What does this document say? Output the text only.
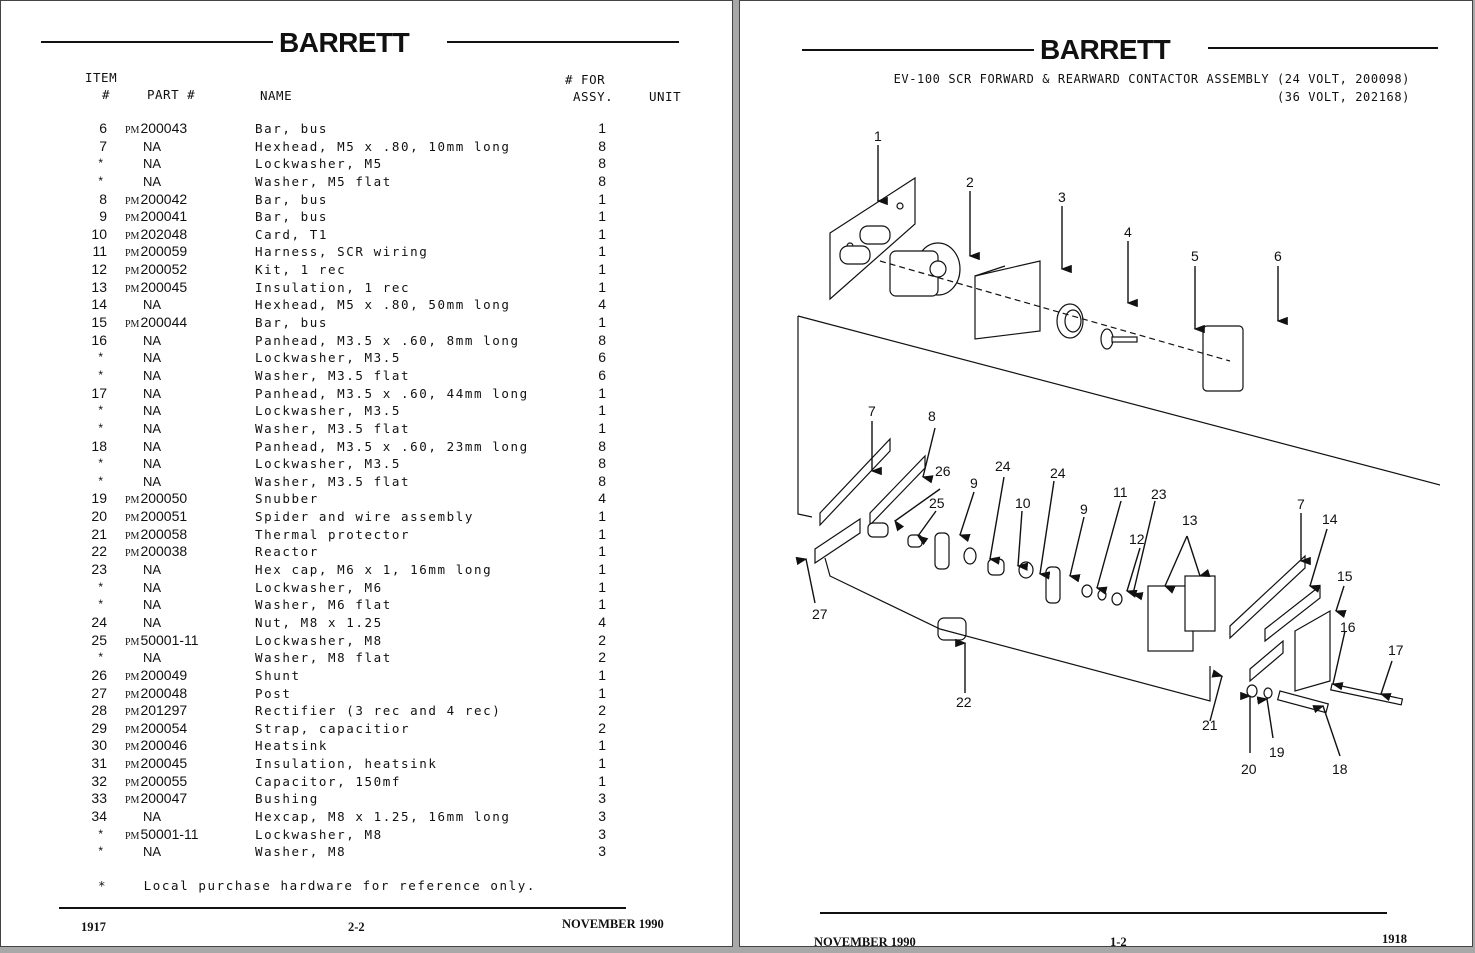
BARRETT
ITEM
#	PART #	NAME
# FOR
ASSY.	UNIT
6 PM200043	Bar, bus	1
7	NA	Hexhead, M5 x .80, 10mm long	8
*	NA	Lockwasher, M5	8
*	NA	Washer, M5 flat	8
8 PM200042	Bar, bus	1
9 PM200041	Bar, bus	1
10 PM202048	Card, T1	1
11 PM200059	Harness, SCR wiring	1
12 PM200052	Kit, 1 rec	1
13 PM200045	Insulation, 1 rec	1
14	NA	Hexhead, M5 x .80, 50mm long	4
15 PM200044	Bar, bus	1
16	NA	Panhead, M3.5 x .60, 8mm long	8
*	NA	Lockwasher, M3.5	6
*	NA	Washer, M3.5 flat	6
17	NA	Panhead, M3.5 x .60, 44mm long	1
*	NA	Lockwasher, M3.5	1
*	NA	Washer, M3.5 flat	1
18	NA	Panhead, M3.5 x .60, 23mm long	8
*	NA	Lockwasher, M3.5	8
*	NA	Washer, M3.5 flat	8
19 PM200050	Snubber	4
20 PM200051	Spider and wire assembly	1
21 PM200058	Thermal protector	1
22 PM200038	Reactor	1
23	NA	Hex cap, M6 x 1, 16mm long	1
*	NA	Lockwasher, M6	1
*	NA	Washer, M6 flat	1
24	NA	Nut, M8 x 1.25	4
25 PM50001-11	Lockwasher, M8	2
*	NA	Washer, M8 flat	2
26 PM200049	Shunt	1
27 PM200048	Post	1
28 PM201297	Rectifier (3 rec and 4 rec)	2
29 PM200054	Strap, capacitior	2
30 PM200046	Heatsink	1
31 PM200045	Insulation, heatsink	1
32 PM200055	Capacitor, 150mf	1
33 PM200047	Bushing	3
34	NA	Hexcap, M8 x 1.25, 16mm long	3
* PM50001-11	Lockwasher, M8	3
*	NA	Washer, M8	3
*    Local purchase hardware for reference only.
1917	2-2	NOVEMBER 1990
BARRETT
EV-100 SCR FORWARD & REARWARD CONTACTOR ASSEMBLY (24 VOLT, 200098)
(36 VOLT, 202168)
1
2
3
4
5	6
7	8
26
25
9
24
10
24
9
11
12
23
13
7
14
15
16
17
27
22
21
20
19
18
NOVEMBER 1990	1-2	1918
